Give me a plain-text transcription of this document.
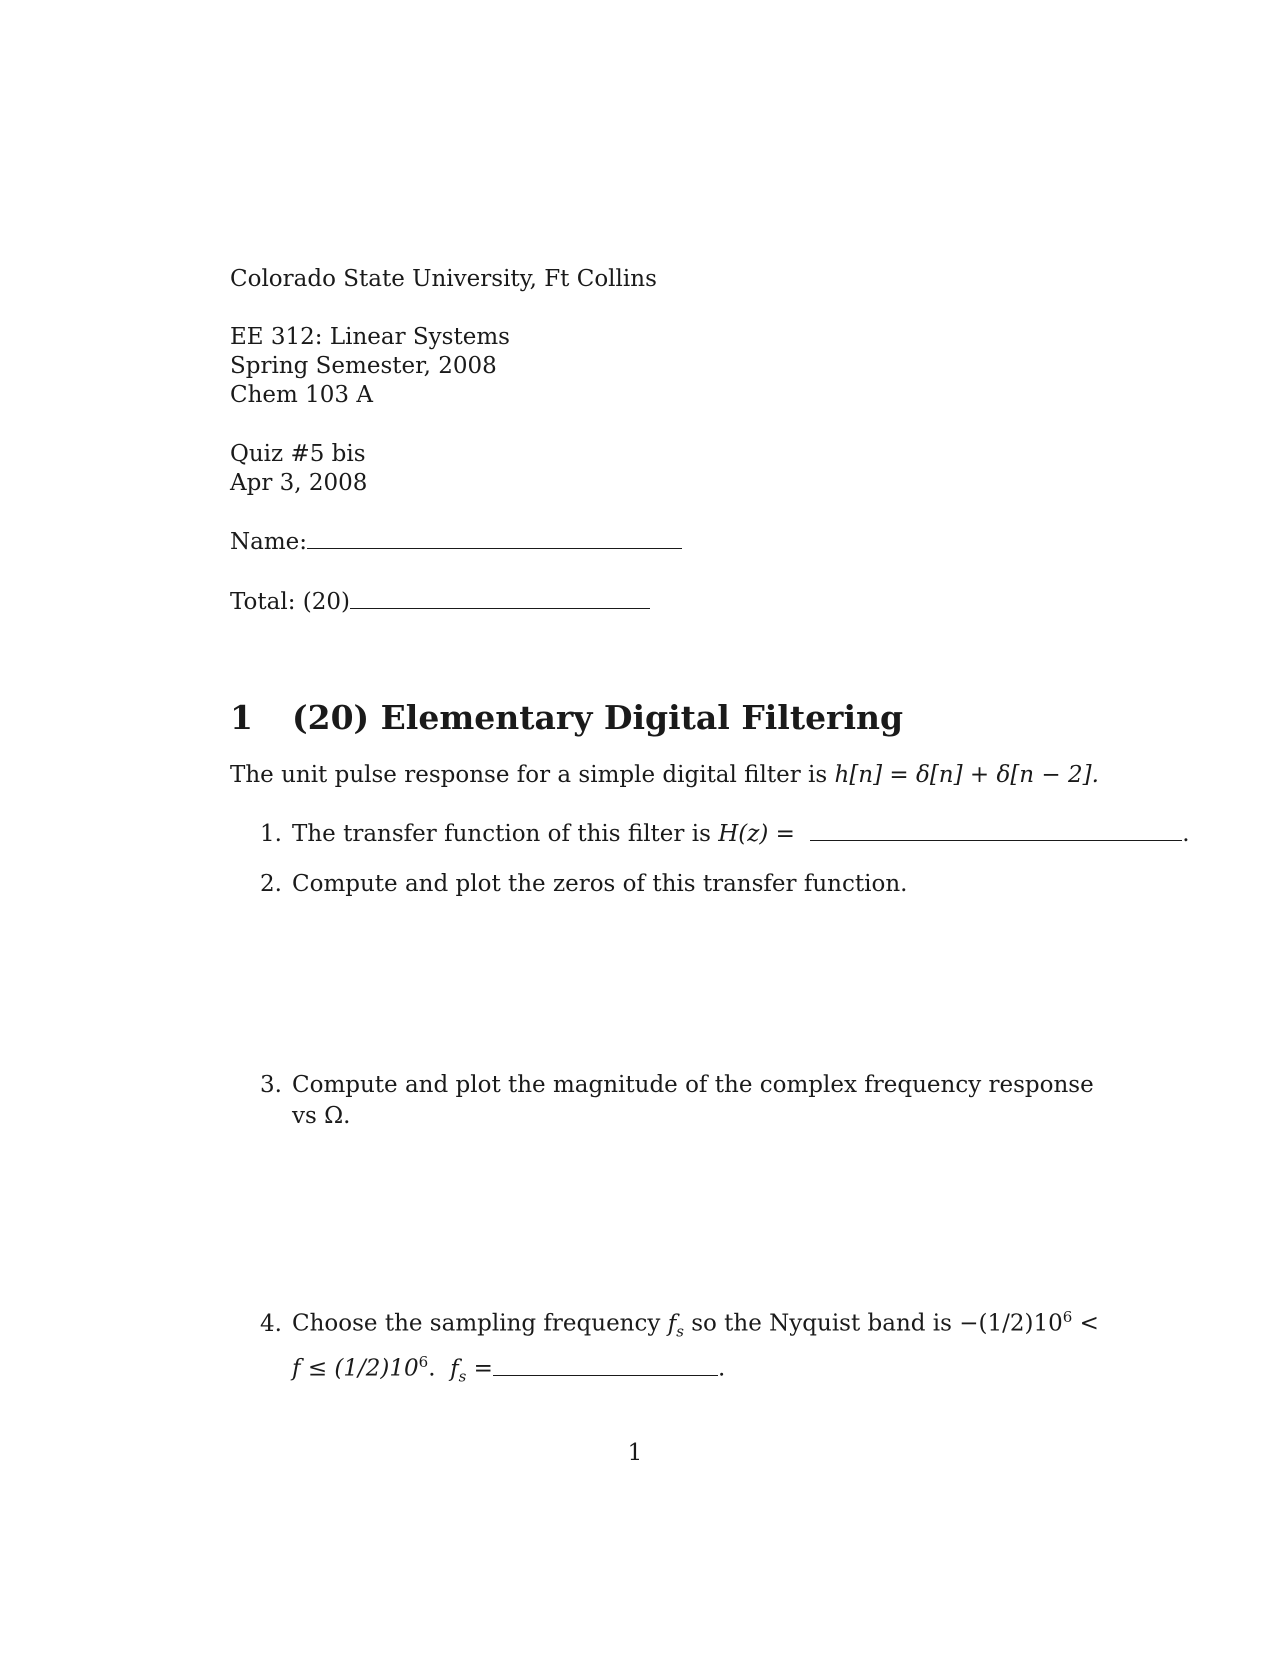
Colorado State University, Ft Collins
EE 312: Linear Systems
Spring Semester, 2008
Chem 103 A
Quiz #5 bis
Apr 3, 2008
Name:
Total: (20)
1 (20) Elementary Digital Filtering
The unit pulse response for a simple digital filter is h[n] = δ[n] + δ[n − 2].
1. The transfer function of this filter is H(z) =	.
2. Compute and plot the zeros of this transfer function.
3. Compute and plot the magnitude of the complex frequency response
vs Ω.
4. Choose the sampling frequency $f_s$ so the Nyquist band is $-(1/2)10^6$ <
$f \le (1/2)10^6$.  $f_s$ =	.
1
